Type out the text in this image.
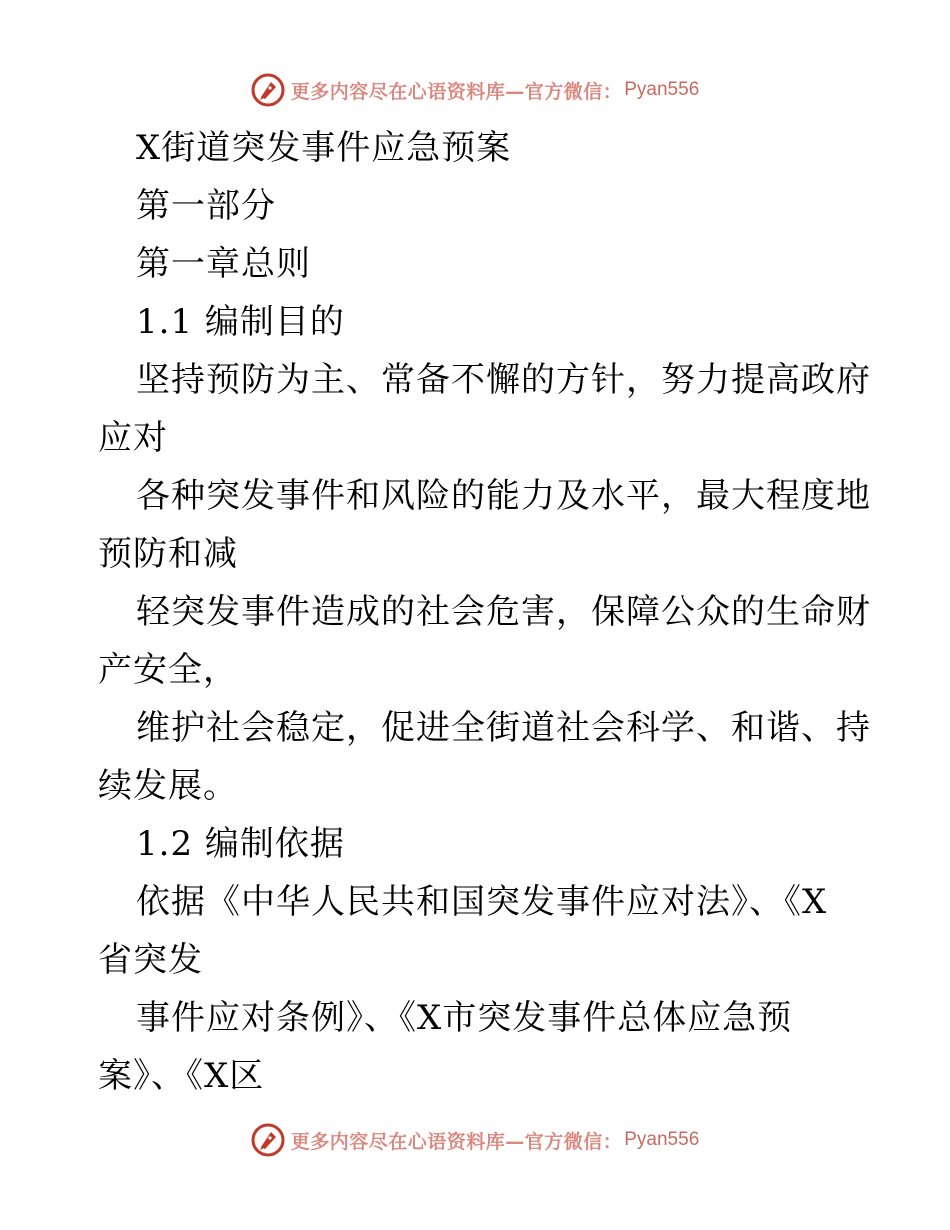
更多内容尽在心语资料库—官方微信： Pyan556
X街道突发事件应急预案
第一部分
第一章总则
1.1 编制目的
坚持预防为主、常备不懈的方针，努力提高政府
应对
各种突发事件和风险的能力及水平，最大程度地
预防和减
轻突发事件造成的社会危害，保障公众的生命财
产安全，
维护社会稳定，促进全街道社会科学、和谐、持
续发展。
1.2 编制依据
依据《中华人民共和国突发事件应对法》、《X
省突发
事件应对条例》、《X市突发事件总体应急预
案》、《X区
更多内容尽在心语资料库—官方微信： Pyan556
